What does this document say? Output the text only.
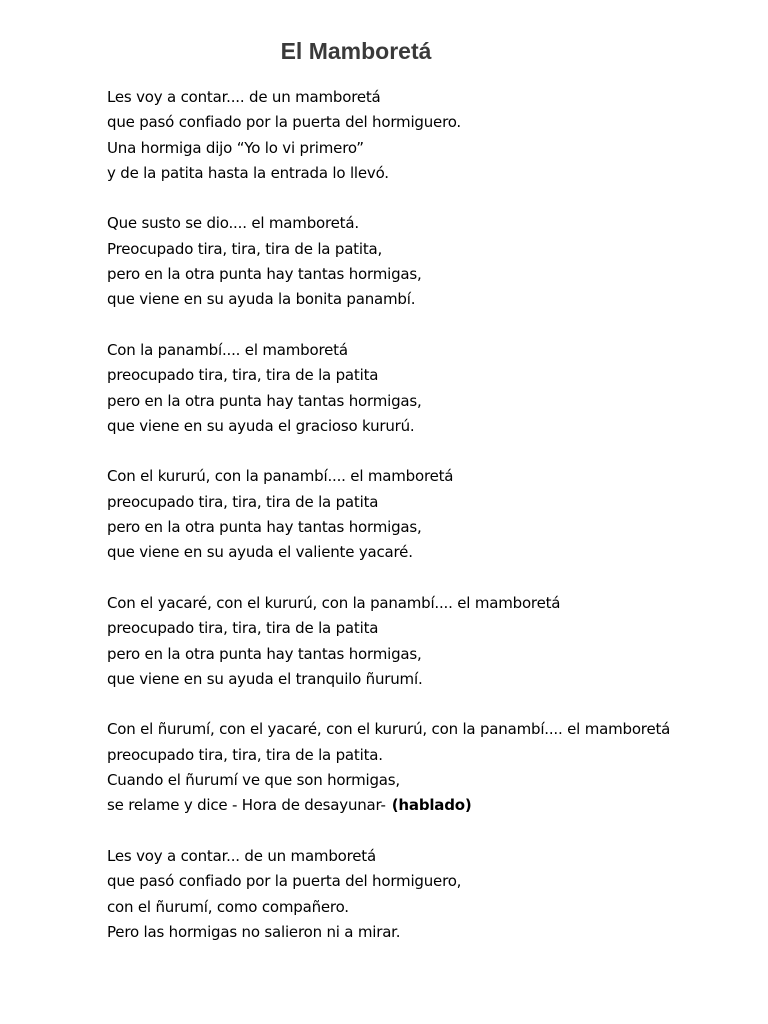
El Mamboretá
Les voy a contar.... de un mamboretá
que pasó confiado por la puerta del hormiguero.
Una hormiga dijo “Yo lo vi primero”
y de la patita hasta la entrada lo llevó.
Que susto se dio.... el mamboretá.
Preocupado tira, tira, tira de la patita,
pero en la otra punta hay tantas hormigas,
que viene en su ayuda la bonita panambí.
Con la panambí.... el mamboretá
preocupado tira, tira, tira de la patita
pero en la otra punta hay tantas hormigas,
que viene en su ayuda el gracioso kururú.
Con el kururú, con la panambí.... el mamboretá
preocupado tira, tira, tira de la patita
pero en la otra punta hay tantas hormigas,
que viene en su ayuda el valiente yacaré.
Con el yacaré, con el kururú, con la panambí.... el mamboretá
preocupado tira, tira, tira de la patita
pero en la otra punta hay tantas hormigas,
que viene en su ayuda el tranquilo ñurumí.
Con el ñurumí, con el yacaré, con el kururú, con la panambí.... el mamboretá
preocupado tira, tira, tira de la patita.
Cuando el ñurumí ve que son hormigas,
se relame y dice - Hora de desayunar- (hablado)
Les voy a contar... de un mamboretá
que pasó confiado por la puerta del hormiguero,
con el ñurumí, como compañero.
Pero las hormigas no salieron ni a mirar.
